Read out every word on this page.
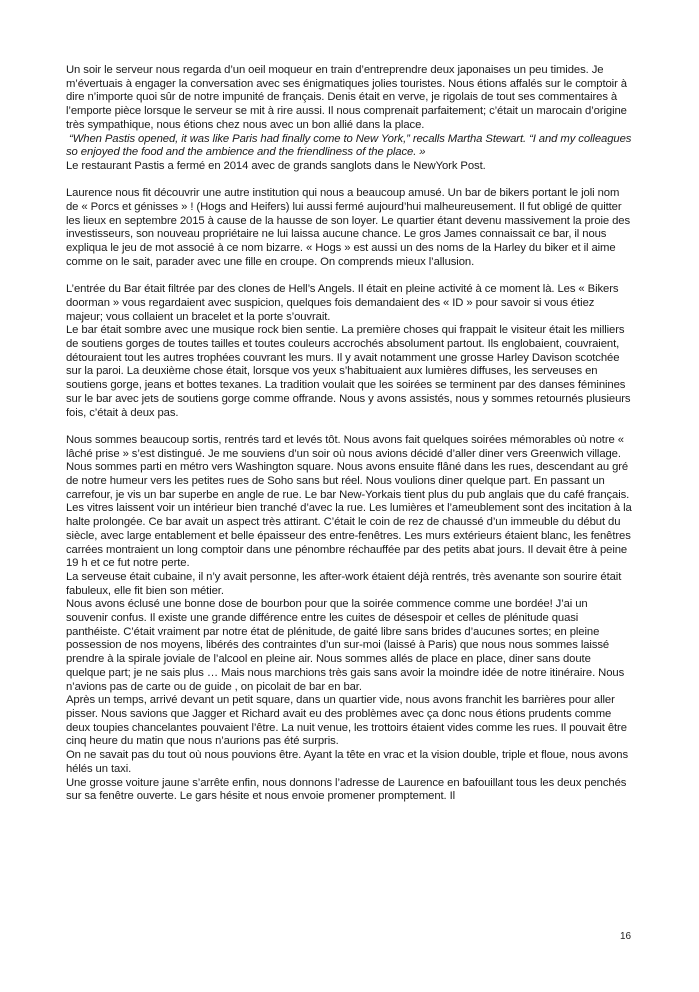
Un soir le serveur nous regarda d’un oeil moqueur en train d’entreprendre deux japonaises un peu timides. Je m’évertuais à engager la conversation avec ses énigmatiques jolies touristes. Nous étions affalés sur le comptoir à dire n’importe quoi sûr de notre impunité de français. Denis était en verve, je rigolais de tout ses commentaires à l’emporte pièce lorsque le serveur se mit à rire aussi. Il nous comprenait parfaitement; c’était un marocain d’origine très sympathique, nous étions chez nous avec un bon allié dans la place.

“When Pastis opened, it was like Paris had finally come to New York,” recalls Martha Stewart. “I and my colleagues so enjoyed the food and the ambience and the friendliness of the place. »

Le restaurant Pastis a fermé en 2014 avec de grands sanglots dans le NewYork Post.

Laurence nous fit découvrir une autre institution qui nous a beaucoup amusé. Un bar de bikers portant le joli nom de « Porcs et génisses » ! (Hogs and Heifers) lui aussi fermé aujourd’hui malheureusement. Il fut obligé de quitter les lieux en septembre 2015 à cause de la hausse de son loyer. Le quartier étant devenu massivement la proie des investisseurs, son nouveau propriétaire ne lui laissa aucune chance. Le gros James connaissait ce bar, il nous expliqua le jeu de mot associé à ce nom bizarre. « Hogs » est aussi un des noms de la Harley du biker et il aime comme on le sait, parader avec une fille en croupe. On comprends mieux l’allusion.

L’entrée du Bar était filtrée par des clones de Hell’s Angels. Il était en pleine activité à ce moment là. Les « Bikers doorman » vous regardaient avec suspicion, quelques fois demandaient des « ID » pour savoir si vous étiez majeur; vous collaient un bracelet et la porte s’ouvrait.

Le bar était sombre avec une musique rock bien sentie. La première choses qui frappait le visiteur était les milliers de soutiens gorges de toutes tailles et toutes couleurs accrochés absolument partout. Ils englobaient, couvraient, détouraient tout les autres trophées couvrant les murs. Il y avait notamment une grosse Harley Davison scotchée sur la paroi. La deuxième chose était, lorsque vos yeux s’habituaient aux lumières diffuses, les serveuses en soutiens gorge, jeans et bottes texanes. La tradition voulait que les soirées se terminent par des danses féminines sur le bar avec jets de soutiens gorge comme offrande. Nous y avons assistés, nous y sommes retournés plusieurs fois, c’était à deux pas.

Nous sommes beaucoup sortis, rentrés tard et levés tôt. Nous avons fait quelques soirées mémorables où notre « lâché prise » s’est distingué. Je me souviens d’un soir où nous avions décidé d’aller diner vers Greenwich village. Nous sommes parti en métro vers Washington square. Nous avons ensuite flâné dans les rues, descendant au gré de notre humeur vers les petites rues de Soho sans but réel. Nous voulions diner quelque part. En passant un carrefour, je vis un bar superbe en angle de rue. Le bar New-Yorkais tient plus du pub anglais que du café français. Les vitres laissent voir un intérieur bien tranché d’avec la rue. Les lumières et l’ameublement sont des incitation à la halte prolongée. Ce bar avait un aspect très attirant. C’était le coin de rez de chaussé d’un immeuble du début du siècle, avec large entablement et belle épaisseur des entre-fenêtres. Les murs extérieurs étaient blanc, les fenêtres carrées montraient un long comptoir dans une pénombre réchauffée par des petits abat jours. Il devait être à peine 19 h et ce fut notre perte.

La serveuse était cubaine, il n’y avait personne, les after-work étaient déjà rentrés, très avenante son sourire était fabuleux, elle fit bien son métier.

Nous avons éclusé une bonne dose de bourbon pour que la soirée commence comme une bordée! J’ai un souvenir confus. Il existe une grande différence entre les cuites de désespoir et celles de plénitude quasi panthéiste. C’était vraiment par notre état de plénitude, de gaité libre sans brides d’aucunes sortes; en pleine possession de nos moyens, libérés des contraintes d’un sur-moi (laissé à Paris) que nous nous sommes laissé prendre à la spirale joviale de l’alcool en pleine air. Nous sommes allés de place en place, diner sans doute quelque part; je ne sais plus … Mais nous marchions très gais sans avoir la moindre idée de notre itinéraire. Nous n’avions pas de carte ou de guide , on picolait de bar en bar.

Après un temps, arrivé devant un petit square, dans un quartier vide, nous avons franchit les barrières pour aller pisser. Nous savions que Jagger et Richard avait eu des problèmes avec ça donc nous étions prudents comme deux toupies chancelantes pouvaient l’être. La nuit venue, les trottoirs étaient vides comme les rues. Il pouvait être cinq heure du matin que nous n’aurions pas été surpris.

On ne savait pas du tout où nous pouvions être. Ayant la tête en vrac et la vision double, triple et floue, nous avons hélés un taxi.

Une grosse voiture jaune s’arrête enfin, nous donnons l’adresse de Laurence en bafouillant tous les deux penchés sur sa fenêtre ouverte. Le gars hésite et nous envoie promener promptement. Il

16
